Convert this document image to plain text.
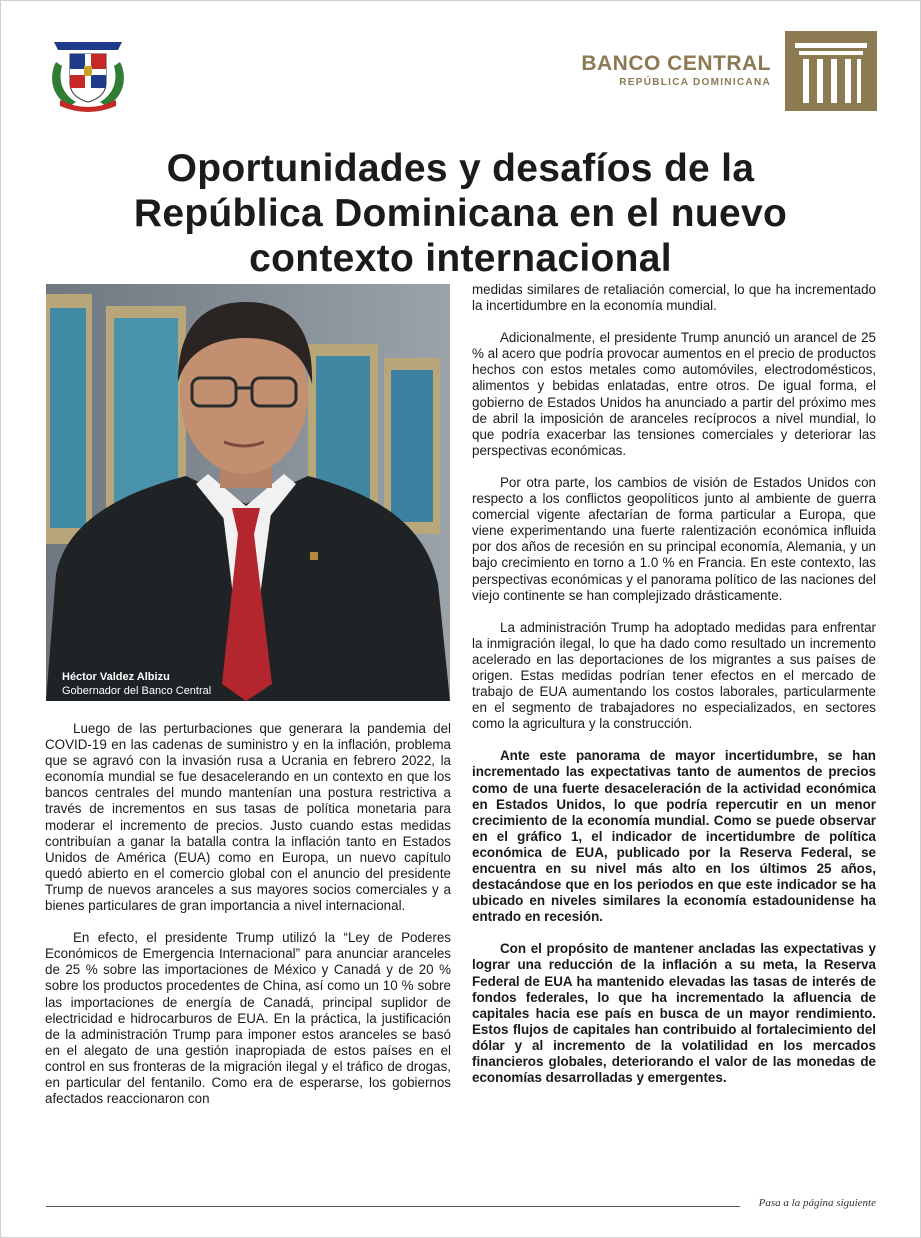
BANCO CENTRAL
REPÚBLICA DOMINICANA
Oportunidades y desafíos de la
República Dominicana en el nuevo
contexto internacional
Héctor Valdez Albizu
Gobernador del Banco Central

Luego de las perturbaciones que generara la pandemia del COVID-19 en las cadenas de suministro y en la inflación, problema que se agravó con la invasión rusa a Ucrania en febrero 2022, la economía mundial se fue desacelerando en un contexto en que los bancos centrales del mundo mantenían una postura restrictiva a través de incrementos en sus tasas de política monetaria para moderar el incremento de precios. Justo cuando estas medidas contribuían a ganar la batalla contra la inflación tanto en Estados Unidos de América (EUA) como en Europa, un nuevo capítulo quedó abierto en el comercio global con el anuncio del presidente Trump de nuevos aranceles a sus mayores socios comerciales y a bienes particulares de gran importancia a nivel internacional.

En efecto, el presidente Trump utilizó la “Ley de Poderes Económicos de Emergencia Internacional” para anunciar aranceles de 25 % sobre las importaciones de México y Canadá y de 20 % sobre los productos procedentes de China, así como un 10 % sobre las importaciones de energía de Canadá, principal suplidor de electricidad e hidrocarburos de EUA. En la práctica, la justificación de la administración Trump para imponer estos aranceles se basó en el alegato de una gestión inapropiada de estos países en el control en sus fronteras de la migración ilegal y el tráfico de drogas, en particular del fentanilo. Como era de esperarse, los gobiernos afectados reaccionaron con

medidas similares de retaliación comercial, lo que ha incrementado la incertidumbre en la economía mundial.

Adicionalmente, el presidente Trump anunció un arancel de 25 % al acero que podría provocar aumentos en el precio de productos hechos con estos metales como automóviles, electrodomésticos, alimentos y bebidas enlatadas, entre otros. De igual forma, el gobierno de Estados Unidos ha anunciado a partir del próximo mes de abril la imposición de aranceles recíprocos a nivel mundial, lo que podría exacerbar las tensiones comerciales y deteriorar las perspectivas económicas.

Por otra parte, los cambios de visión de Estados Unidos con respecto a los conflictos geopolíticos junto al ambiente de guerra comercial vigente afectarían de forma particular a Europa, que viene experimentando una fuerte ralentización económica influida por dos años de recesión en su principal economía, Alemania, y un bajo crecimiento en torno a 1.0 % en Francia. En este contexto, las perspectivas económicas y el panorama político de las naciones del viejo continente se han complejizado drásticamente.

La administración Trump ha adoptado medidas para enfrentar la inmigración ilegal, lo que ha dado como resultado un incremento acelerado en las deportaciones de los migrantes a sus países de origen. Estas medidas podrían tener efectos en el mercado de trabajo de EUA aumentando los costos laborales, particularmente en el segmento de trabajadores no especializados, en sectores como la agricultura y la construcción.

Ante este panorama de mayor incertidumbre, se han incrementado las expectativas tanto de aumentos de precios como de una fuerte desaceleración de la actividad económica en Estados Unidos, lo que podría repercutir en un menor crecimiento de la economía mundial. Como se puede observar en el gráfico 1, el indicador de incertidumbre de política económica de EUA, publicado por la Reserva Federal, se encuentra en su nivel más alto en los últimos 25 años, destacándose que en los periodos en que este indicador se ha ubicado en niveles similares la economía estadounidense ha entrado en recesión.

Con el propósito de mantener ancladas las expectativas y lograr una reducción de la inflación a su meta, la Reserva Federal de EUA ha mantenido elevadas las tasas de interés de fondos federales, lo que ha incrementado la afluencia de capitales hacia ese país en busca de un mayor rendimiento. Estos flujos de capitales han contribuido al fortalecimiento del dólar y al incremento de la volatilidad en los mercados financieros globales, deteriorando el valor de las monedas de economías desarrolladas y emergentes.

Pasa a la página siguiente
